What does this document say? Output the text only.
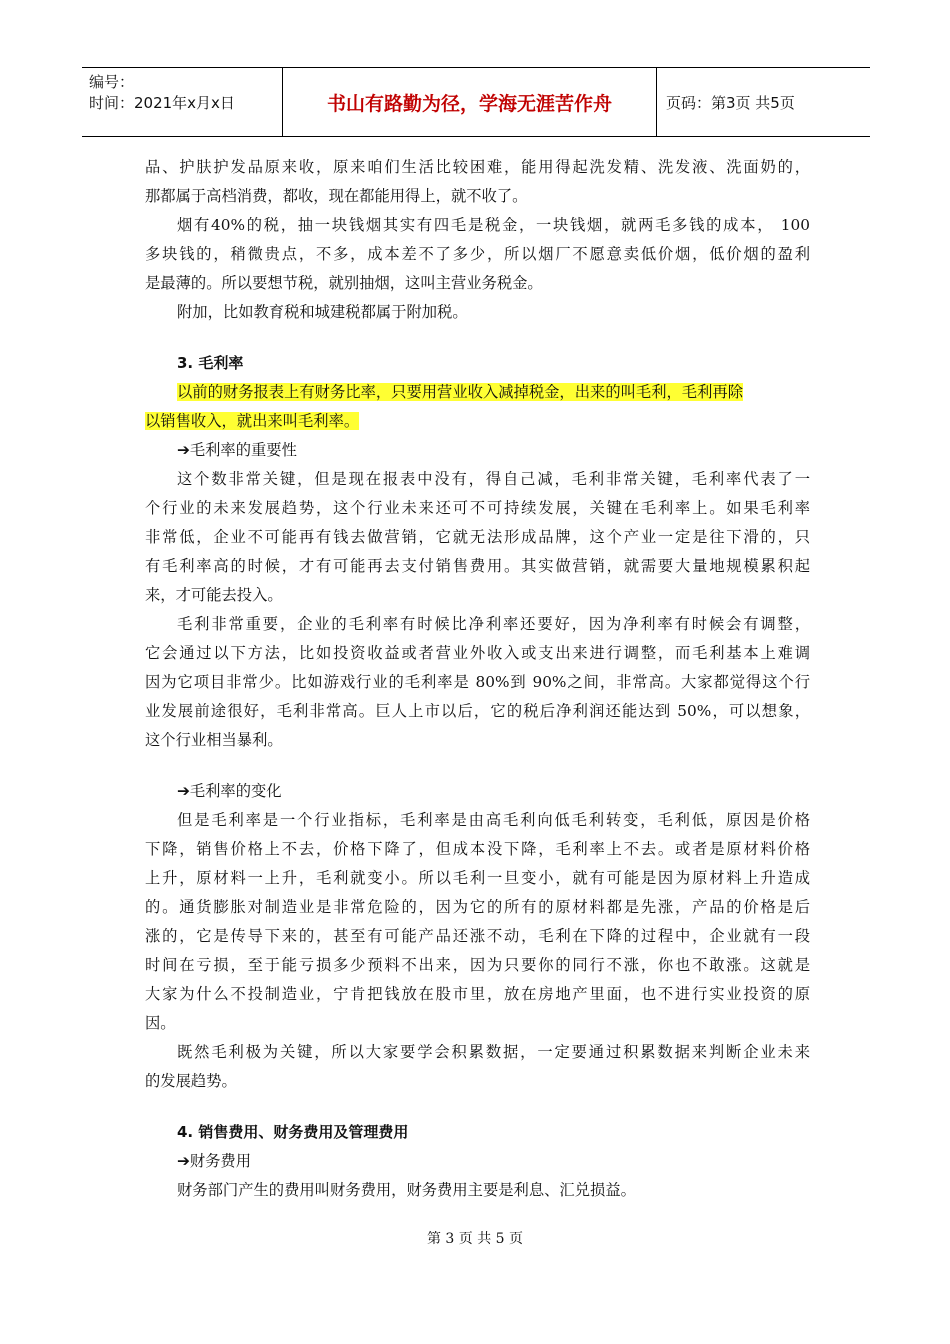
编号：
时间：2021年x月x日	书山有路勤为径，学海无涯苦作舟	页码：第3页 共5页
品、护肤护发品原来收，原来咱们生活比较困难，能用得起洗发精、洗发液、洗面奶的，
那都属于高档消费，都收，现在都能用得上，就不收了。
烟有40%的税，抽一块钱烟其实有四毛是税金，一块钱烟，就两毛多钱的成本， 100
多块钱的，稍微贵点，不多，成本差不了多少，所以烟厂不愿意卖低价烟，低价烟的盈利
是最薄的。所以要想节税，就别抽烟，这叫主营业务税金。
附加，比如教育税和城建税都属于附加税。
3. 毛利率
以前的财务报表上有财务比率，只要用营业收入减掉税金，出来的叫毛利，毛利再除
以销售收入，就出来叫毛利率。
➔毛利率的重要性
这个数非常关键，但是现在报表中没有，得自己减，毛利非常关键，毛利率代表了一
个行业的未来发展趋势，这个行业未来还可不可持续发展，关键在毛利率上。如果毛利率
非常低，企业不可能再有钱去做营销，它就无法形成品牌，这个产业一定是往下滑的，只
有毛利率高的时候，才有可能再去支付销售费用。其实做营销，就需要大量地规模累积起
来，才可能去投入。
毛利非常重要，企业的毛利率有时候比净利率还要好，因为净利率有时候会有调整，
它会通过以下方法，比如投资收益或者营业外收入或支出来进行调整，而毛利基本上难调
因为它项目非常少。比如游戏行业的毛利率是 80%到 90%之间，非常高。大家都觉得这个行
业发展前途很好，毛利非常高。巨人上市以后，它的税后净利润还能达到 50%，可以想象，
这个行业相当暴利。
➔毛利率的变化
但是毛利率是一个行业指标，毛利率是由高毛利向低毛利转变，毛利低，原因是价格
下降，销售价格上不去，价格下降了，但成本没下降，毛利率上不去。或者是原材料价格
上升，原材料一上升，毛利就变小。所以毛利一旦变小，就有可能是因为原材料上升造成
的。通货膨胀对制造业是非常危险的，因为它的所有的原材料都是先涨，产品的价格是后
涨的，它是传导下来的，甚至有可能产品还涨不动，毛利在下降的过程中，企业就有一段
时间在亏损，至于能亏损多少预料不出来，因为只要你的同行不涨，你也不敢涨。这就是
大家为什么不投制造业，宁肯把钱放在股市里，放在房地产里面，也不进行实业投资的原
因。
既然毛利极为关键，所以大家要学会积累数据，一定要通过积累数据来判断企业未来
的发展趋势。
4. 销售费用、财务费用及管理费用
➔财务费用
财务部门产生的费用叫财务费用，财务费用主要是利息、汇兑损益。
第 3 页 共 5 页
